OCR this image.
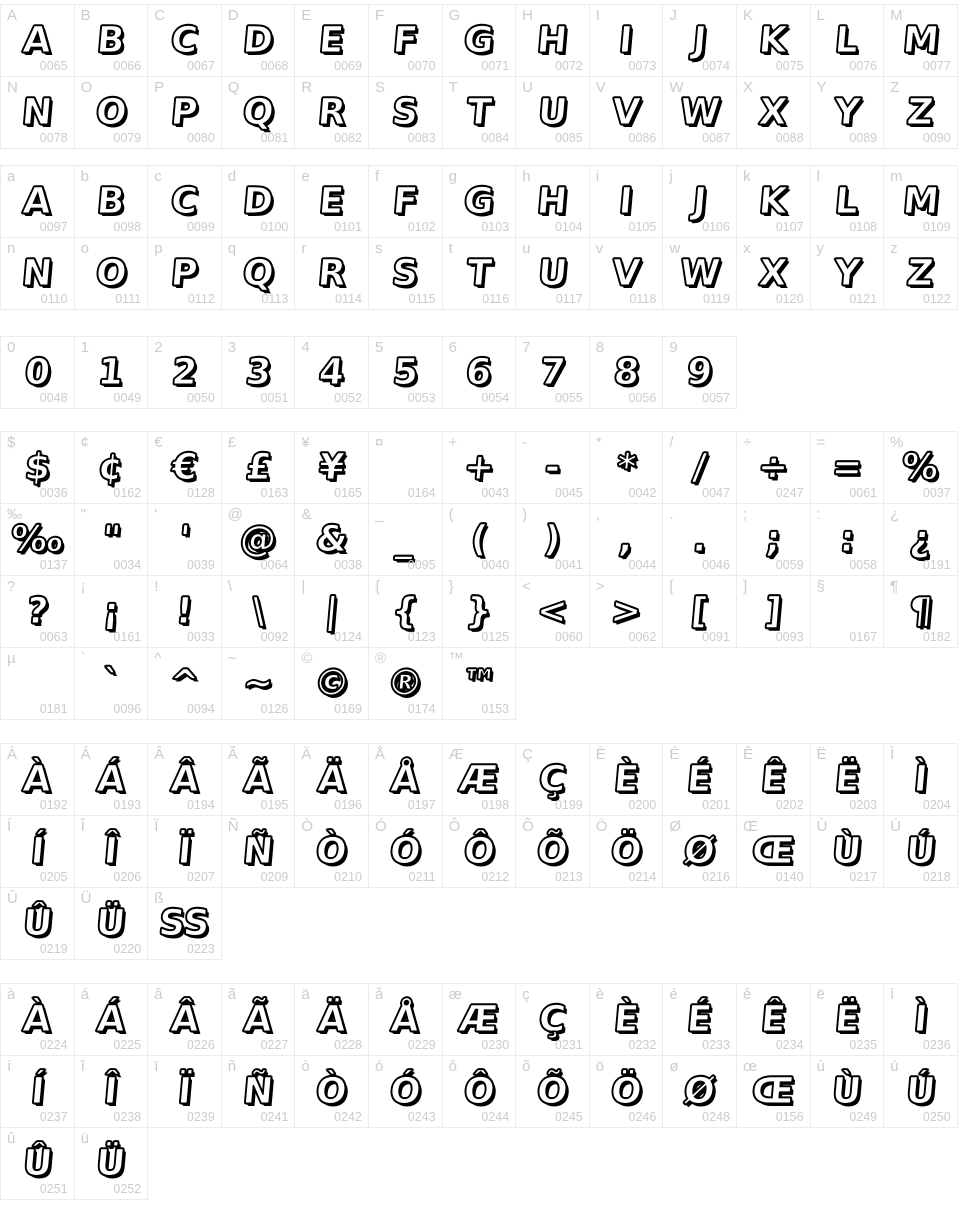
A
A
0065
B
B
0066
C
C
0067
D
D
0068
E
E
0069
F
F
0070
G
G
0071
H
H
0072
I
I
0073
J
J
0074
K
K
0075
L
L
0076
M
M
0077
N
N
0078
O
O
0079
P
P
0080
Q
Q
0081
R
R
0082
S
S
0083
T
T
0084
U
U
0085
V
V
0086
W
W
0087
X
X
0088
Y
Y
0089
Z
Z
0090
a
A
0097
b
B
0098
c
C
0099
d
D
0100
e
E
0101
f
F
0102
g
G
0103
h
H
0104
i
I
0105
j
J
0106
k
K
0107
l
L
0108
m
M
0109
n
N
0110
o
O
0111
p
P
0112
q
Q
0113
r
R
0114
s
S
0115
t
T
0116
u
U
0117
v
V
0118
w
W
0119
x
X
0120
y
Y
0121
z
Z
0122
0
0
0048
1
1
0049
2
2
0050
3
3
0051
4
4
0052
5
5
0053
6
6
0054
7
7
0055
8
8
0056
9
9
0057
$
$
0036
¢
¢
0162
€
€
0128
£
£
0163
¥
¥
0165
¤
0164
+
+
0043
-
-
0045
*
*
0042
/
/
0047
÷
÷
0247
=
=
0061
%
%
0037
‰
‰
0137
"
"
0034
'
'
0039
@
@
0064
&
&
0038
_
_
0095
(
(
0040
)
)
0041
,
,
0044
.
.
0046
;
;
0059
:
:
0058
¿
¿
0191
?
?
0063
¡
¡
0161
!
!
0033
\
\
0092
|
|
0124
{
{
0123
}
}
0125
<
<
0060
>
>
0062
[
[
0091
]
]
0093
§
0167
¶
¶
0182
µ
0181
`
`
0096
^
^
0094
~
~
0126
©
©
0169
®
®
0174
™
™
0153
À
À
0192
Á
Á
0193
Â
Â
0194
Ã
Ã
0195
Ä
Ä
0196
Å
Å
0197
Æ
Æ
0198
Ç
Ç
0199
È
È
0200
É
É
0201
Ê
Ê
0202
Ë
Ë
0203
Ì
Ì
0204
Í
Í
0205
Î
Î
0206
Ï
Ï
0207
Ñ
Ñ
0209
Ò
Ò
0210
Ó
Ó
0211
Ô
Ô
0212
Õ
Õ
0213
Ö
Ö
0214
Ø
Ø
0216
Œ
Œ
0140
Ù
Ù
0217
Ú
Ú
0218
Û
Û
0219
Ü
Ü
0220
ß
SS
0223
à
À
0224
á
Á
0225
â
Â
0226
ã
Ã
0227
ä
Ä
0228
å
Å
0229
æ
Æ
0230
ç
Ç
0231
è
È
0232
é
É
0233
ê
Ê
0234
ë
Ë
0235
ì
Ì
0236
í
Í
0237
î
Î
0238
ï
Ï
0239
ñ
Ñ
0241
ò
Ò
0242
ó
Ó
0243
ô
Ô
0244
õ
Õ
0245
ö
Ö
0246
ø
Ø
0248
œ
Œ
0156
ù
Ù
0249
ú
Ú
0250
û
Û
0251
ü
Ü
0252
